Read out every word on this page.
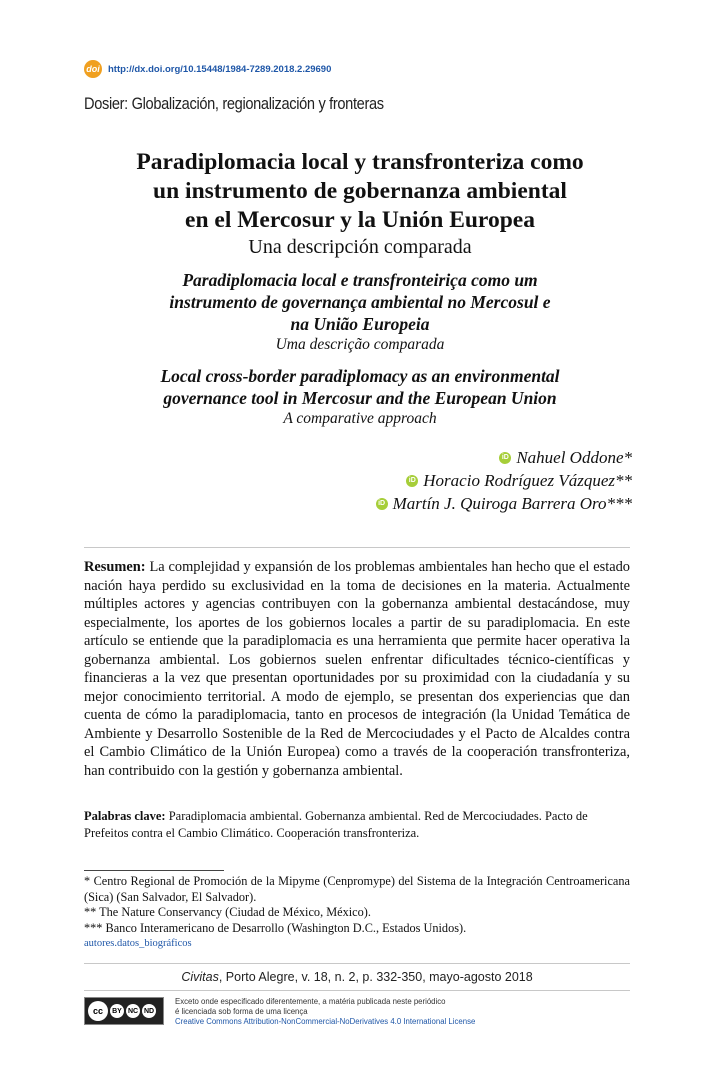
doi http://dx.doi.org/10.15448/1984-7289.2018.2.29690
Dosier: Globalización, regionalización y fronteras
Paradiplomacia local y transfronteriza como
un instrumento de gobernanza ambiental
en el Mercosur y la Unión Europea
Una descripción comparada
Paradiplomacia local e transfronteiriça como um
instrumento de governança ambiental no Mercosul e
na União Europeia
Uma descrição comparada
Local cross-border paradiplomacy as an environmental
governance tool in Mercosur and the European Union
A comparative approach
iD Nahuel Oddone*
iD Horacio Rodríguez Vázquez**
iD Martín J. Quiroga Barrera Oro***
Resumen: La complejidad y expansión de los problemas ambientales han hecho que el estado nación haya perdido su exclusividad en la toma de decisiones en la materia. Actualmente múltiples actores y agencias contribuyen con la gobernanza ambiental destacándose, muy especialmente, los aportes de los gobiernos locales a partir de su paradiplomacia. En este artículo se entiende que la paradiplomacia es una herramienta que permite hacer operativa la gobernanza ambiental. Los gobiernos suelen enfrentar dificultades técnico-científicas y financieras a la vez que presentan oportunidades por su proximidad con la ciudadanía y su mejor conocimiento territorial. A modo de ejemplo, se presentan dos experiencias que dan cuenta de cómo la paradiplomacia, tanto en procesos de integración (la Unidad Temática de Ambiente y Desarrollo Sostenible de la Red de Mercociudades y el Pacto de Alcaldes contra el Cambio Climático de la Unión Europea) como a través de la cooperación transfronteriza, han contribuido con la gestión y gobernanza ambiental.
Palabras clave: Paradiplomacia ambiental. Gobernanza ambiental. Red de Mercociudades. Pacto de Prefeitos contra el Cambio Climático. Cooperación transfronteriza.
* Centro Regional de Promoción de la Mipyme (Cenpromype) del Sistema de la Integración Centroamericana (Sica) (San Salvador, El Salvador).
** The Nature Conservancy (Ciudad de México, México).
*** Banco Interamericano de Desarrollo (Washington D.C., Estados Unidos).
autores.datos_biográficos
Civitas, Porto Alegre, v. 18, n. 2, p. 332-350, mayo-agosto 2018
cc	BY NC ND
Exceto onde especificado diferentemente, a matéria publicada neste periódico
é licenciada sob forma de uma licença
Creative Commons Attribution-NonCommercial-NoDerivatives 4.0 International License
